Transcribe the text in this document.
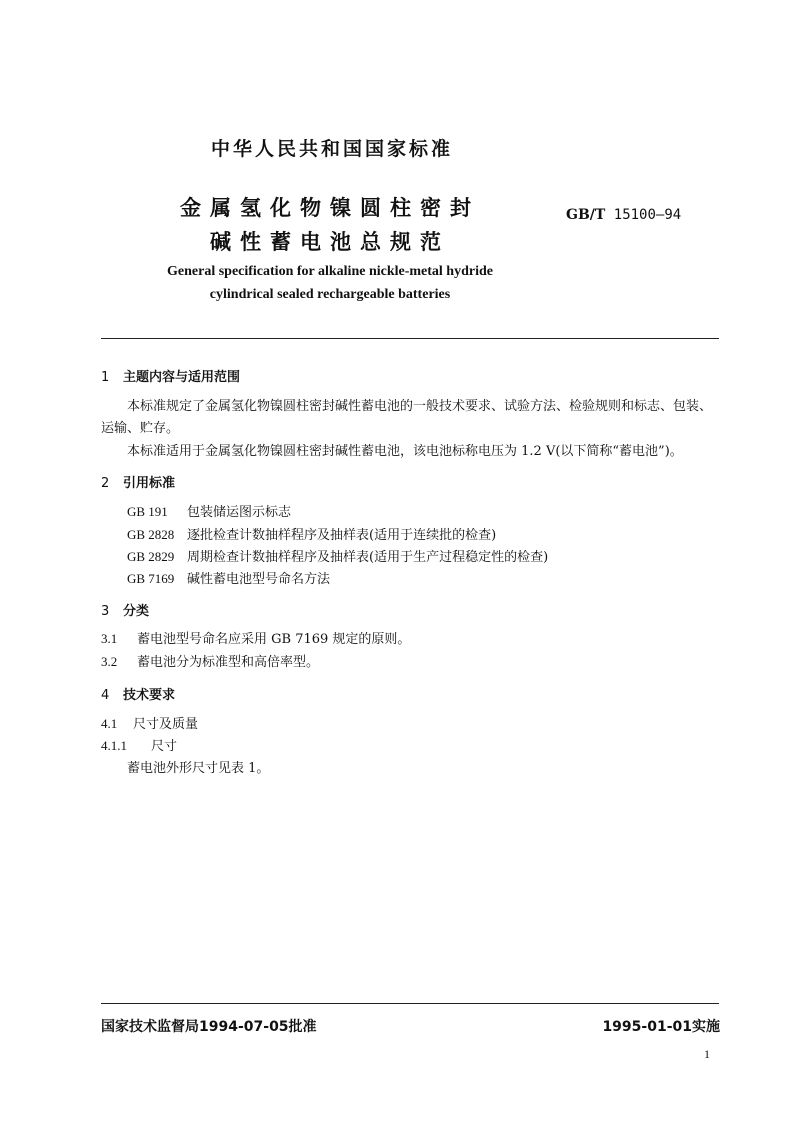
中华人民共和国国家标准
金属氢化物镍圆柱密封
碱性蓄电池总规范
GB/T 15100—94
General specification for alkaline nickle-metal hydride
cylindrical sealed rechargeable batteries
1 主题内容与适用范围
本标准规定了金属氢化物镍圆柱密封碱性蓄电池的一般技术要求、试验方法、检验规则和标志、包装、运输、贮存。
本标准适用于金属氢化物镍圆柱密封碱性蓄电池，该电池标称电压为 1.2 V(以下简称“蓄电池”)。
2 引用标准
GB 191 包装储运图示标志
GB 2828 逐批检查计数抽样程序及抽样表(适用于连续批的检查)
GB 2829 周期检查计数抽样程序及抽样表(适用于生产过程稳定性的检查)
GB 7169 碱性蓄电池型号命名方法
3 分类
3.1 蓄电池型号命名应采用 GB 7169 规定的原则。
3.2 蓄电池分为标准型和高倍率型。
4 技术要求
4.1 尺寸及质量
4.1.1 尺寸
蓄电池外形尺寸见表 1。
国家技术监督局1994-07-05批准	1995-01-01实施
1
